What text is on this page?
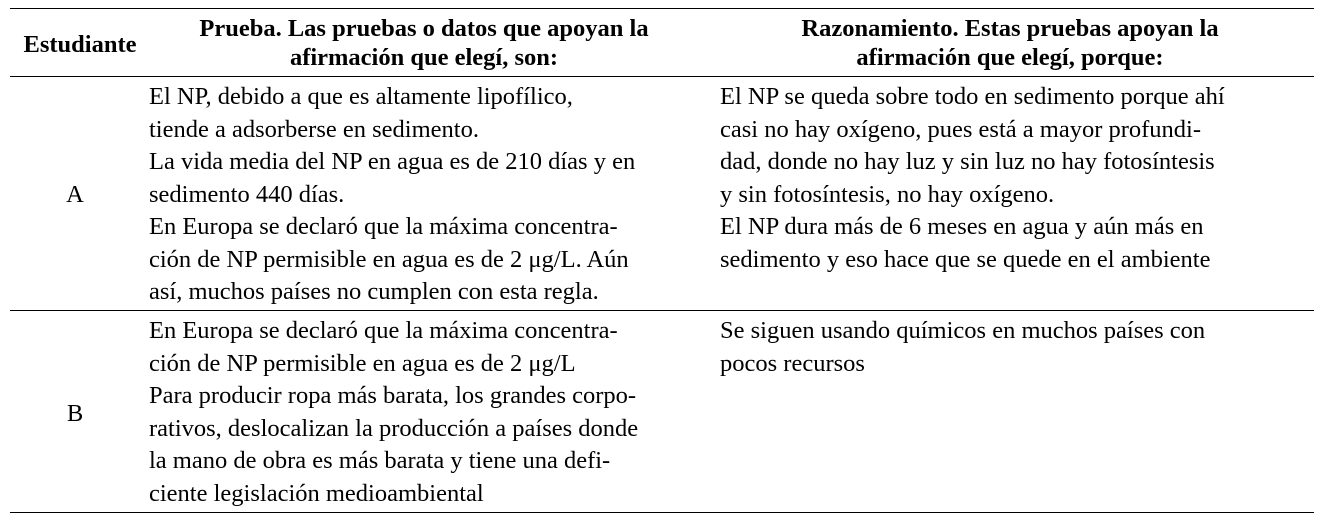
Estudiante
Prueba. Las pruebas o datos que apoyan la
afirmación que elegí, son:
Razonamiento. Estas pruebas apoyan la
afirmación que elegí, porque:
A
El NP, debido a que es altamente lipofílico,
tiende a adsorberse en sedimento.
La vida media del NP en agua es de 210 días y en
sedimento 440 días.
En Europa se declaró que la máxima concentra-
ción de NP permisible en agua es de 2 μg/L. Aún
así, muchos países no cumplen con esta regla.
El NP se queda sobre todo en sedimento porque ahí
casi no hay oxígeno, pues está a mayor profundi-
dad, donde no hay luz y sin luz no hay fotosíntesis
y sin fotosíntesis, no hay oxígeno.
El NP dura más de 6 meses en agua y aún más en
sedimento y eso hace que se quede en el ambiente
B
En Europa se declaró que la máxima concentra-
ción de NP permisible en agua es de 2 μg/L
Para producir ropa más barata, los grandes corpo-
rativos, deslocalizan la producción a países donde
la mano de obra es más barata y tiene una defi-
ciente legislación medioambiental
Se siguen usando químicos en muchos países con
pocos recursos
